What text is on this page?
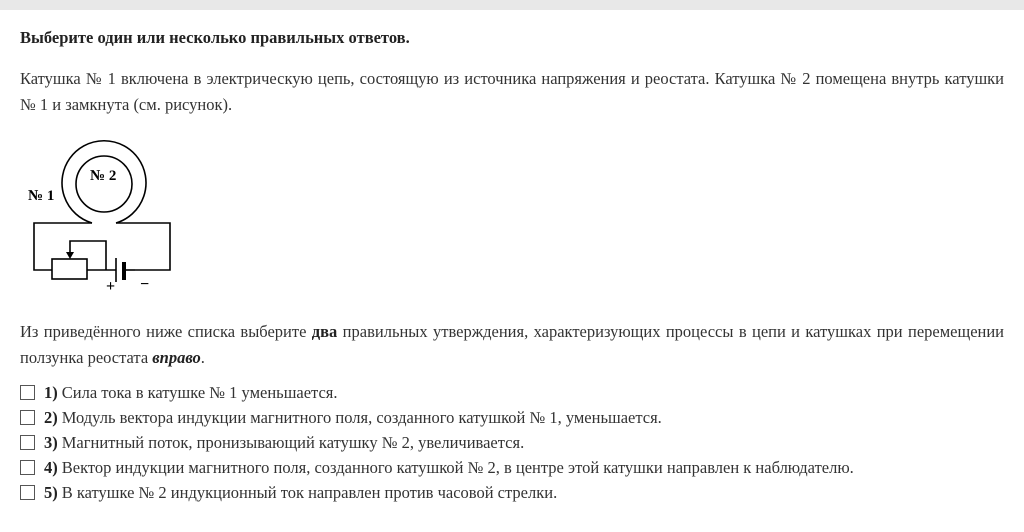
Выберите один или несколько правильных ответов.
Катушка № 1 включена в электрическую цепь, состоящую из источника напряжения и реостата. Катушка № 2 помещена внутрь катушки № 1 и замкнута (см. рисунок).
№ 1
№ 2
+ −
Из приведённого ниже списка выберите два правильных утверждения, характеризующих процессы в цепи и катушках при перемещении ползунка реостата вправо.
1) Сила тока в катушке № 1 уменьшается.
2) Модуль вектора индукции магнитного поля, созданного катушкой № 1, уменьшается.
3) Магнитный поток, пронизывающий катушку № 2, увеличивается.
4) Вектор индукции магнитного поля, созданного катушкой № 2, в центре этой катушки направлен к наблюдателю.
5) В катушке № 2 индукционный ток направлен против часовой стрелки.
